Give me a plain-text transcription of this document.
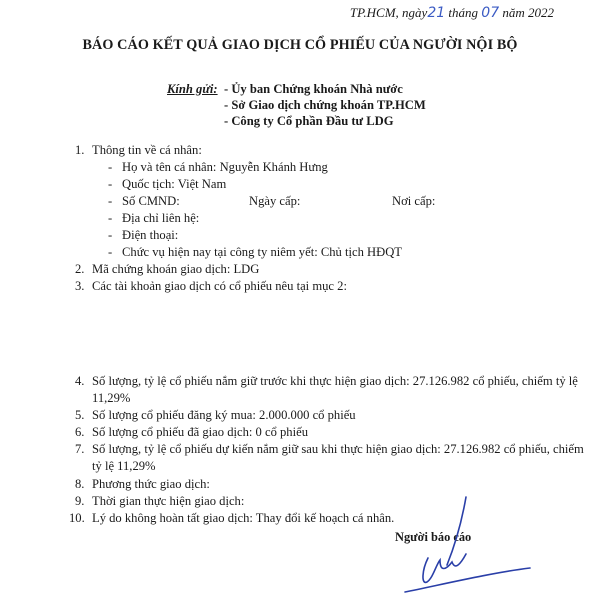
TP.HCM, ngày21 tháng 07 năm 2022
BÁO CÁO KẾT QUẢ GIAO DỊCH CỔ PHIẾU CỦA NGƯỜI NỘI BỘ
Kính gửi: - Ủy ban Chứng khoán Nhà nước
- Sở Giao dịch chứng khoán TP.HCM
- Công ty Cổ phần Đầu tư LDG
1. Thông tin về cá nhân:
- Họ và tên cá nhân: Nguyễn Khánh Hưng
- Quốc tịch: Việt Nam
- Số CMND:	Ngày cấp:	Nơi cấp:
- Địa chỉ liên hệ:
- Điện thoại:
- Chức vụ hiện nay tại công ty niêm yết: Chủ tịch HĐQT
2. Mã chứng khoán giao dịch: LDG
3. Các tài khoản giao dịch có cổ phiếu nêu tại mục 2:
4. Số lượng, tỷ lệ cổ phiếu nắm giữ trước khi thực hiện giao dịch: 27.126.982 cổ phiếu, chiếm tỷ lệ
11,29%
5. Số lượng cổ phiếu đăng ký mua: 2.000.000 cổ phiếu
6. Số lượng cổ phiếu đã giao dịch: 0 cổ phiếu
7. Số lượng, tỷ lệ cổ phiếu dự kiến nắm giữ sau khi thực hiện giao dịch: 27.126.982 cổ phiếu, chiếm
tỷ lệ 11,29%
8. Phương thức giao dịch:
9. Thời gian thực hiện giao dịch:
10. Lý do không hoàn tất giao dịch: Thay đổi kế hoạch cá nhân.
Người báo cáo
